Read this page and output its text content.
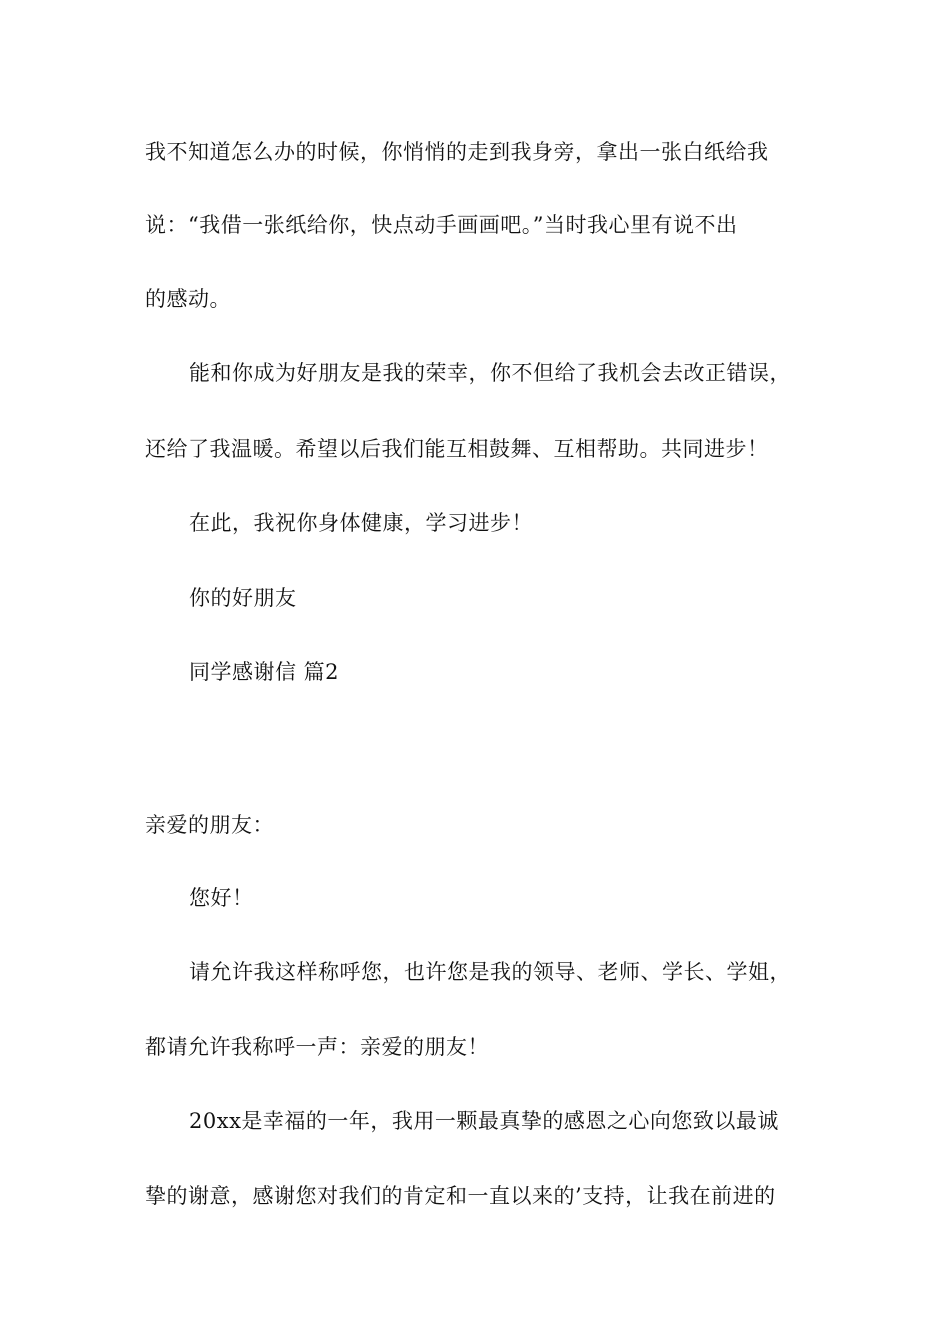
我不知道怎么办的时候，你悄悄的走到我身旁，拿出一张白纸给我
说：“我借一张纸给你，快点动手画画吧。”当时我心里有说不出
的感动。
能和你成为好朋友是我的荣幸，你不但给了我机会去改正错误，
还给了我温暖。希望以后我们能互相鼓舞、互相帮助。共同进步！
在此，我祝你身体健康，学习进步！
你的好朋友
同学感谢信 篇2
亲爱的朋友：
您好！
请允许我这样称呼您，也许您是我的领导、老师、学长、学姐，
都请允许我称呼一声：亲爱的朋友！
20xx是幸福的一年，我用一颗最真挚的感恩之心向您致以最诚
挚的谢意，感谢您对我们的肯定和一直以来的’支持，让我在前进的
